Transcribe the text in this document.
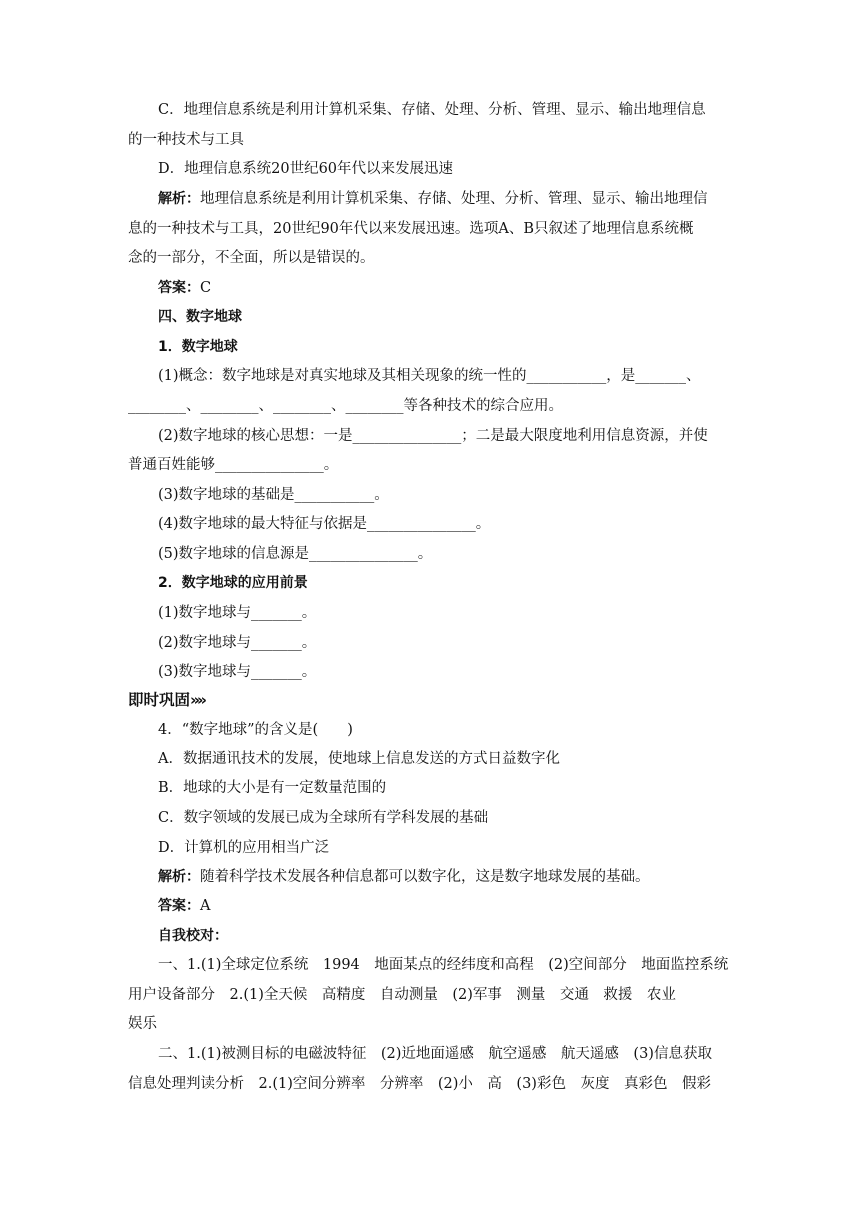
C．地理信息系统是利用计算机采集、存储、处理、分析、管理、显示、输出地理信息
的一种技术与工具
D．地理信息系统20世纪60年代以来发展迅速
解析：地理信息系统是利用计算机采集、存储、处理、分析、管理、显示、输出地理信
息的一种技术与工具，20世纪90年代以来发展迅速。选项A、B只叙述了地理信息系统概
念的一部分，不全面，所以是错误的。
答案：C
四、数字地球
1．数字地球
(1)概念：数字地球是对真实地球及其相关现象的统一性的___________，是_______、
________、________、________、________等各种技术的综合应用。
(2)数字地球的核心思想：一是_______________；二是最大限度地利用信息资源，并使
普通百姓能够_______________。
(3)数字地球的基础是___________。
(4)数字地球的最大特征与依据是_______________。
(5)数字地球的信息源是_______________。
2．数字地球的应用前景
(1)数字地球与_______。
(2)数字地球与_______。
(3)数字地球与_______。
即时巩固»»
4．“数字地球”的含义是(　　)
A．数据通讯技术的发展，使地球上信息发送的方式日益数字化
B．地球的大小是有一定数量范围的
C．数字领域的发展已成为全球所有学科发展的基础
D．计算机的应用相当广泛
解析：随着科学技术发展各种信息都可以数字化，这是数字地球发展的基础。
答案：A
自我校对：
一、1.(1)全球定位系统　1994　地面某点的经纬度和高程　(2)空间部分　地面监控系统
用户设备部分　2.(1)全天候　高精度　自动测量　(2)军事　测量　交通　救援　农业
娱乐
二、1.(1)被测目标的电磁波特征　(2)近地面遥感　航空遥感　航天遥感　(3)信息获取
信息处理判读分析　2.(1)空间分辨率　分辨率　(2)小　高　(3)彩色　灰度　真彩色　假彩
